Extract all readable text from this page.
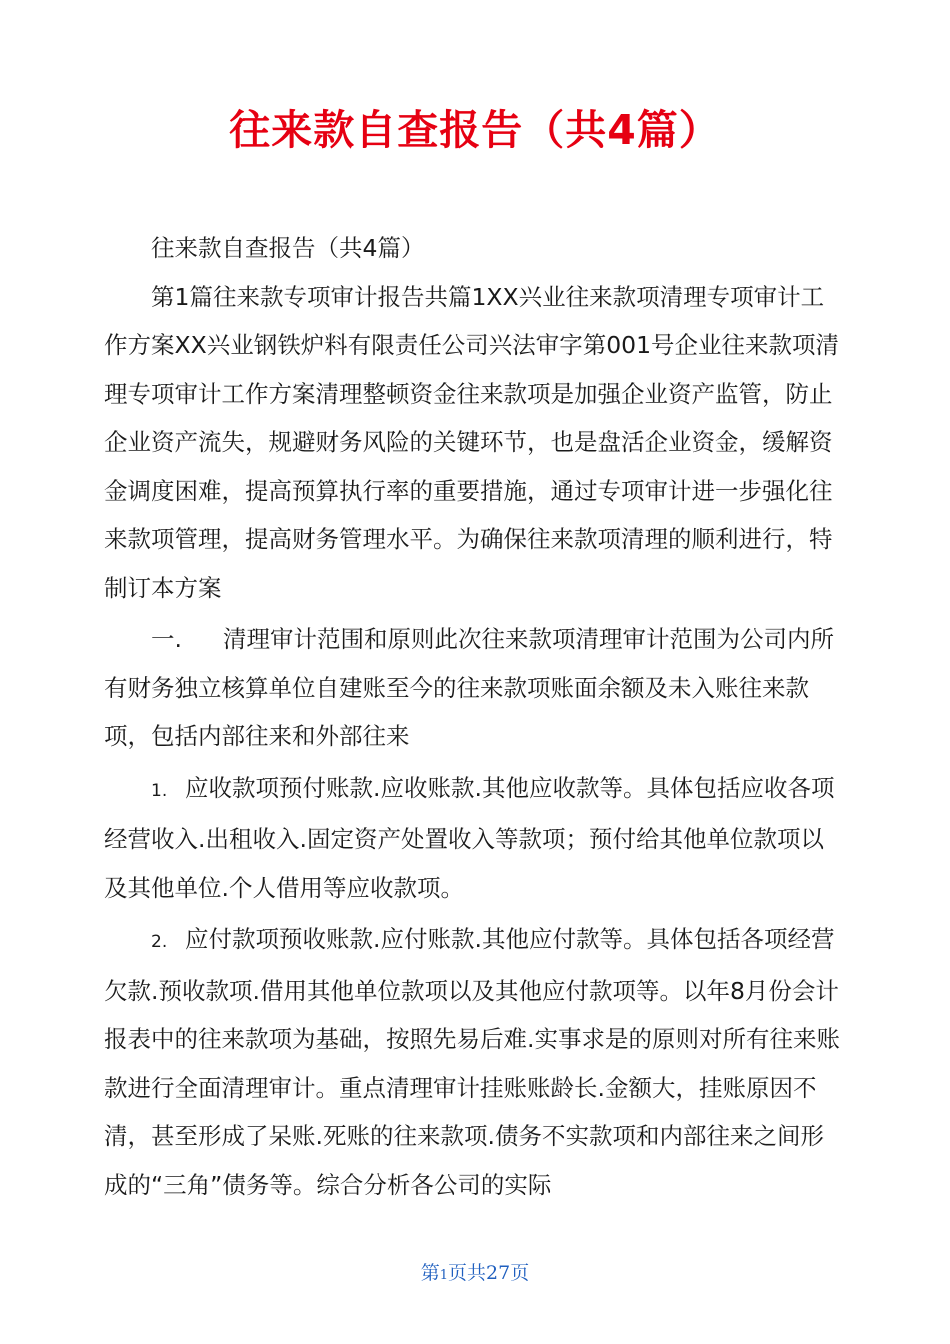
往来款自查报告（共4篇）

往来款自查报告（共4篇）

第1篇往来款专项审计报告共篇1XX兴业往来款项清理专项审计工作方案XX兴业钢铁炉料有限责任公司兴法审字第001号企业往来款项清理专项审计工作方案清理整顿资金往来款项是加强企业资产监管，防止企业资产流失，规避财务风险的关键环节，也是盘活企业资金，缓解资金调度困难，提高预算执行率的重要措施，通过专项审计进一步强化往来款项管理，提高财务管理水平。为确保往来款项清理的顺利进行，特制订本方案

一. 清理审计范围和原则此次往来款项清理审计范围为公司内所有财务独立核算单位自建账至今的往来款项账面余额及未入账往来款项，包括内部往来和外部往来

1. 应收款项预付账款.应收账款.其他应收款等。具体包括应收各项经营收入.出租收入.固定资产处置收入等款项；预付给其他单位款项以及其他单位.个人借用等应收款项。

2. 应付款项预收账款.应付账款.其他应付款等。具体包括各项经营欠款.预收款项.借用其他单位款项以及其他应付款项等。以年8月份会计报表中的往来款项为基础，按照先易后难.实事求是的原则对所有往来账款进行全面清理审计。重点清理审计挂账账龄长.金额大，挂账原因不清，甚至形成了呆账.死账的往来款项.债务不实款项和内部往来之间形成的“三角”债务等。综合分析各公司的实际

第1页共27页
